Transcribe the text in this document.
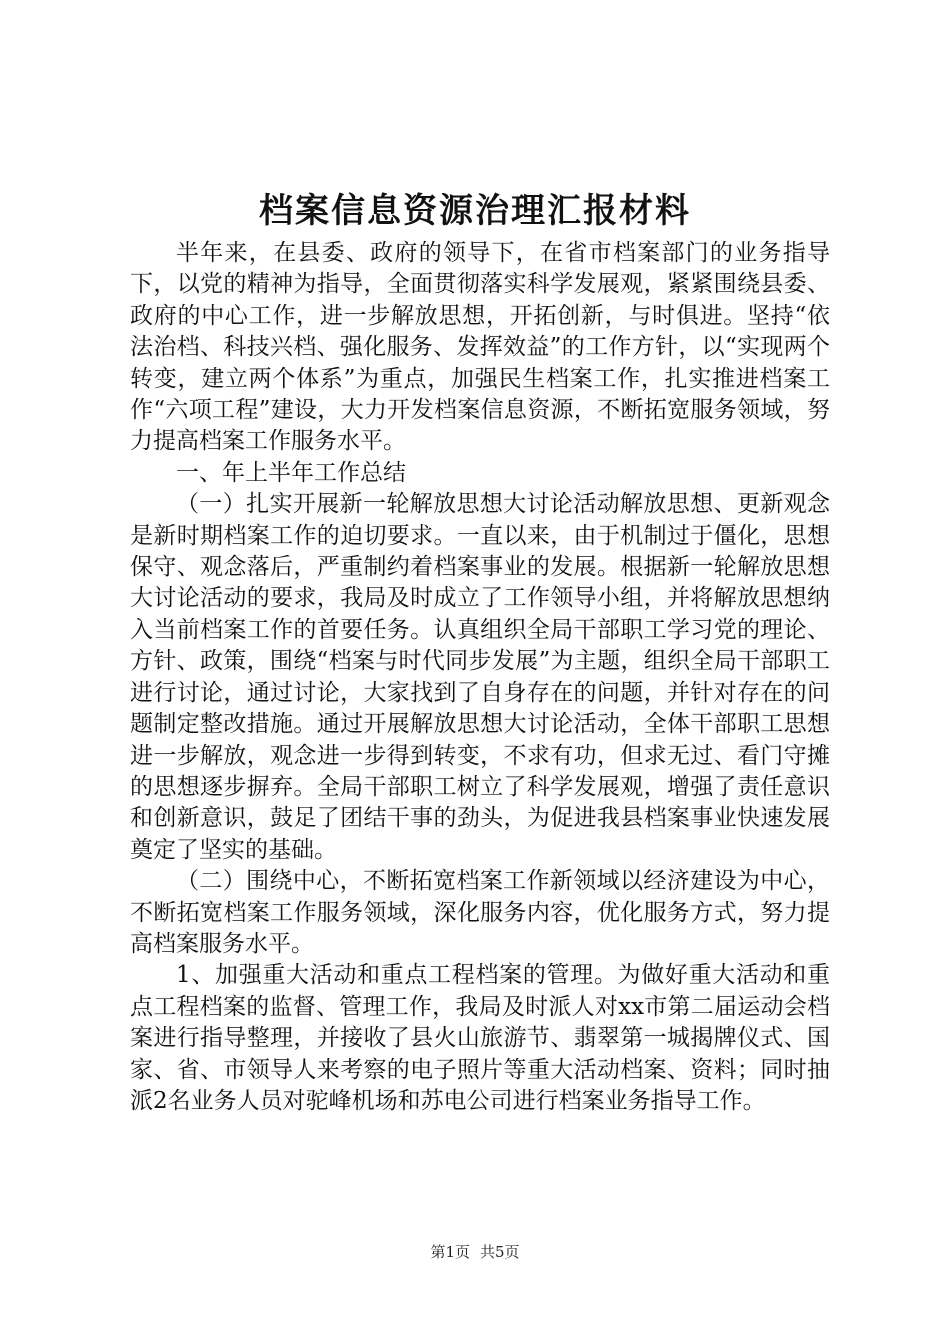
档案信息资源治理汇报材料

半年来，在县委、政府的领导下，在省市档案部门的业务指导下，以党的精神为指导，全面贯彻落实科学发展观，紧紧围绕县委、政府的中心工作，进一步解放思想，开拓创新，与时俱进。坚持“依法治档、科技兴档、强化服务、发挥效益”的工作方针，以“实现两个转变，建立两个体系”为重点，加强民生档案工作，扎实推进档案工作“六项工程”建设，大力开发档案信息资源，不断拓宽服务领域，努力提高档案工作服务水平。

一、年上半年工作总结

（一）扎实开展新一轮解放思想大讨论活动解放思想、更新观念是新时期档案工作的迫切要求。一直以来，由于机制过于僵化，思想保守、观念落后，严重制约着档案事业的发展。根据新一轮解放思想大讨论活动的要求，我局及时成立了工作领导小组，并将解放思想纳入当前档案工作的首要任务。认真组织全局干部职工学习党的理论、方针、政策，围绕“档案与时代同步发展”为主题，组织全局干部职工进行讨论，通过讨论，大家找到了自身存在的问题，并针对存在的问题制定整改措施。通过开展解放思想大讨论活动，全体干部职工思想进一步解放，观念进一步得到转变，不求有功，但求无过、看门守摊的思想逐步摒弃。全局干部职工树立了科学发展观，增强了责任意识和创新意识，鼓足了团结干事的劲头，为促进我县档案事业快速发展奠定了坚实的基础。

（二）围绕中心，不断拓宽档案工作新领域以经济建设为中心，不断拓宽档案工作服务领域，深化服务内容，优化服务方式，努力提高档案服务水平。

1、加强重大活动和重点工程档案的管理。为做好重大活动和重点工程档案的监督、管理工作，我局及时派人对xx市第二届运动会档案进行指导整理，并接收了县火山旅游节、翡翠第一城揭牌仪式、国家、省、市领导人来考察的电子照片等重大活动档案、资料；同时抽派2名业务人员对驼峰机场和苏电公司进行档案业务指导工作。

第1页 共5页
